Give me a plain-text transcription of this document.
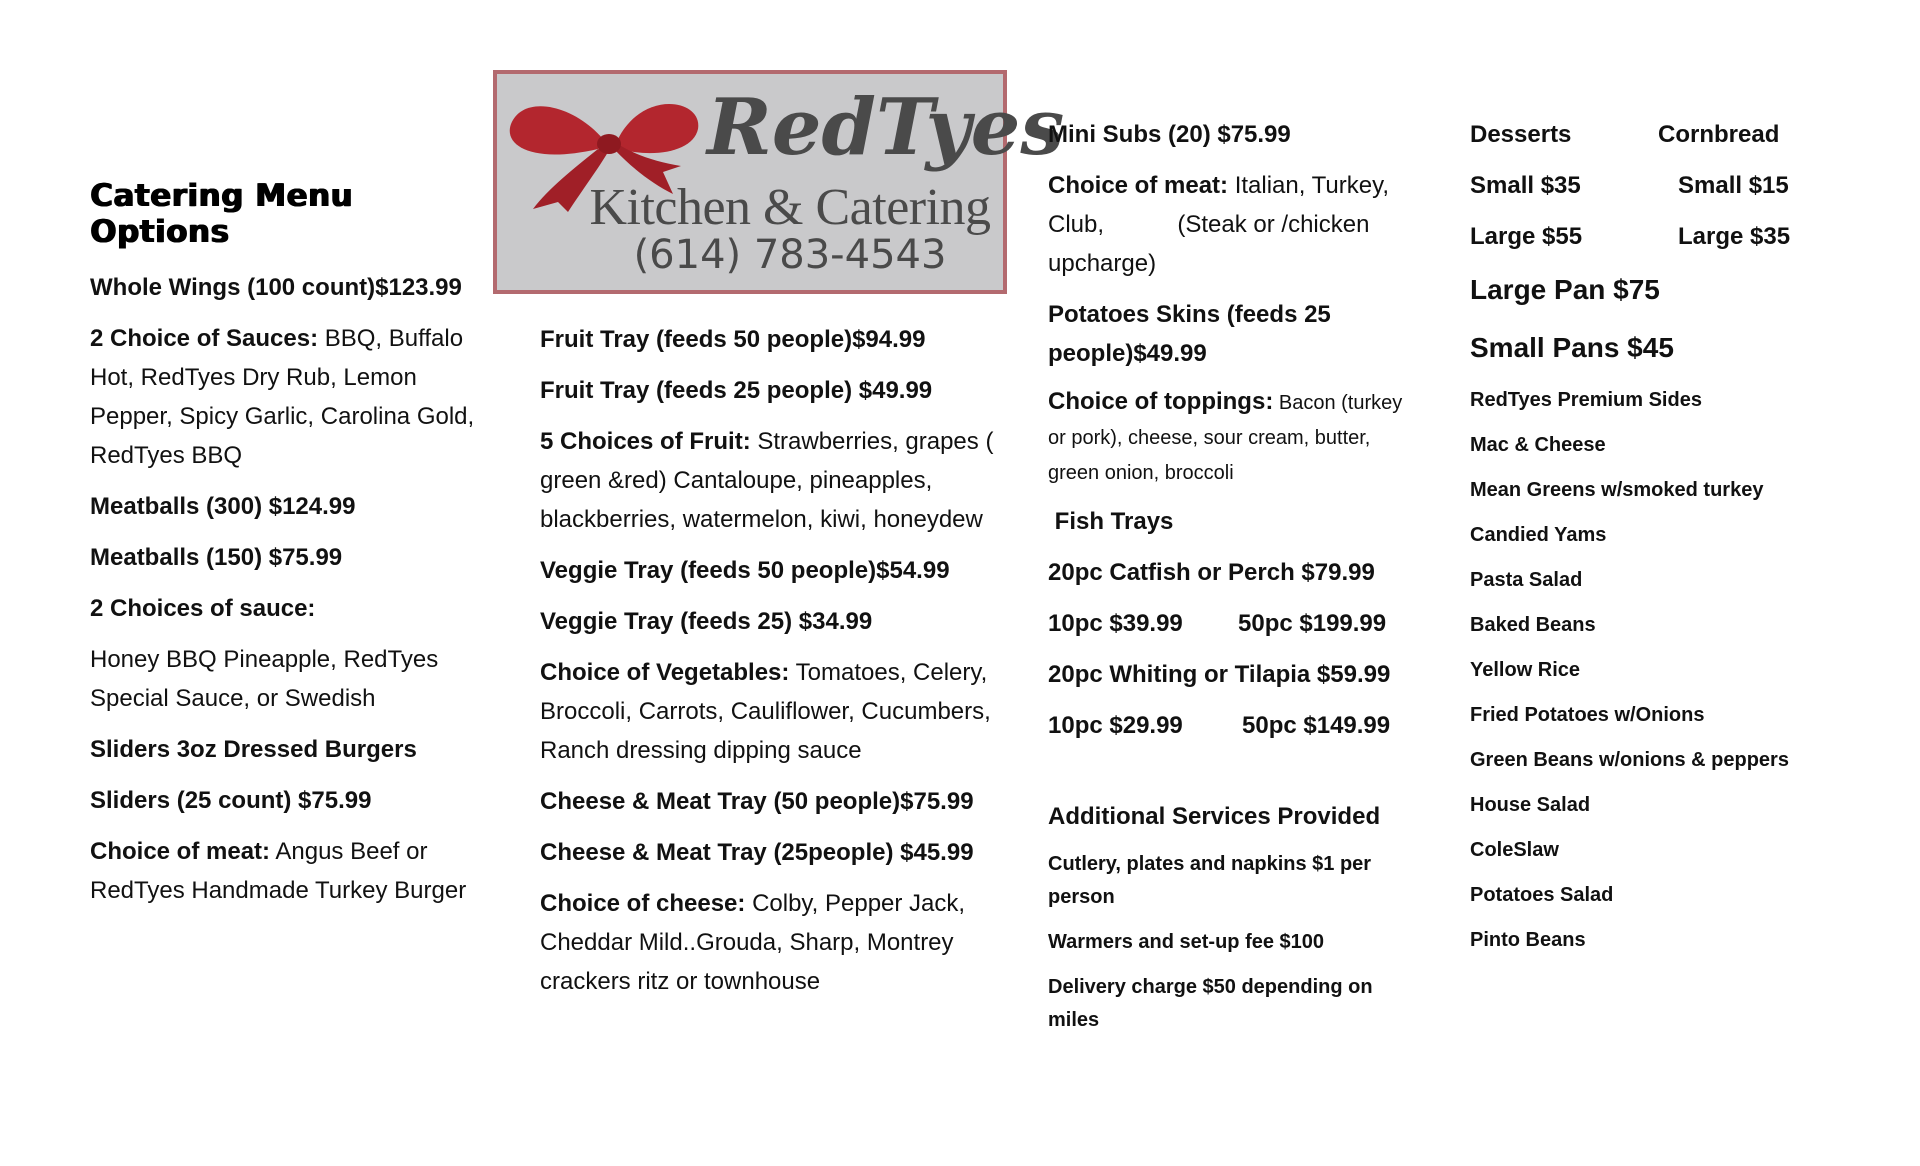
Catering Menu Options

Whole Wings (100 count)$123.99

2 Choice of Sauces: BBQ, Buffalo Hot, RedTyes Dry Rub, Lemon Pepper, Spicy Garlic, Carolina Gold, RedTyes BBQ

Meatballs (300) $124.99

Meatballs (150) $75.99

2 Choices of sauce:

Honey BBQ Pineapple, RedTyes Special Sauce, or Swedish

Sliders 3oz Dressed Burgers

Sliders (25 count) $75.99

Choice of meat: Angus Beef or RedTyes Handmade Turkey Burger

RedTyes
Kitchen & Catering
(614) 783-4543

Fruit Tray (feeds 50 people)$94.99

Fruit Tray (feeds 25 people) $49.99

5 Choices of Fruit: Strawberries, grapes ( green &red) Cantaloupe, pineapples, blackberries, watermelon, kiwi, honeydew

Veggie Tray (feeds 50 people)$54.99

Veggie Tray (feeds 25) $34.99

Choice of Vegetables: Tomatoes, Celery, Broccoli, Carrots, Cauliflower, Cucumbers, Ranch dressing dipping sauce

Cheese & Meat Tray (50 people)$75.99

Cheese & Meat Tray (25people) $45.99

Choice of cheese: Colby, Pepper Jack, Cheddar Mild..Grouda, Sharp, Montrey crackers ritz or townhouse

Mini Subs (20) $75.99

Choice of meat: Italian, Turkey, Club,           (Steak or /chicken upcharge)

Potatoes Skins (feeds 25 people)$49.99

Choice of toppings: Bacon (turkey or pork), cheese, sour cream, butter, green onion, broccoli

Fish Trays

20pc Catfish or Perch $79.99

10pc $39.99	50pc $199.99

20pc Whiting or Tilapia $59.99

10pc $29.99	50pc $149.99

Additional Services Provided

Cutlery, plates and napkins $1 per person

Warmers and set-up fee $100

Delivery charge $50 depending on miles

Desserts	Cornbread

Small $35	Small $15

Large $55	Large $35

Large Pan $75

Small Pans $45

RedTyes Premium Sides

Mac & Cheese

Mean Greens w/smoked turkey

Candied Yams

Pasta Salad

Baked Beans

Yellow Rice

Fried Potatoes w/Onions

Green Beans w/onions & peppers

House Salad

ColeSlaw

Potatoes Salad

Pinto Beans
